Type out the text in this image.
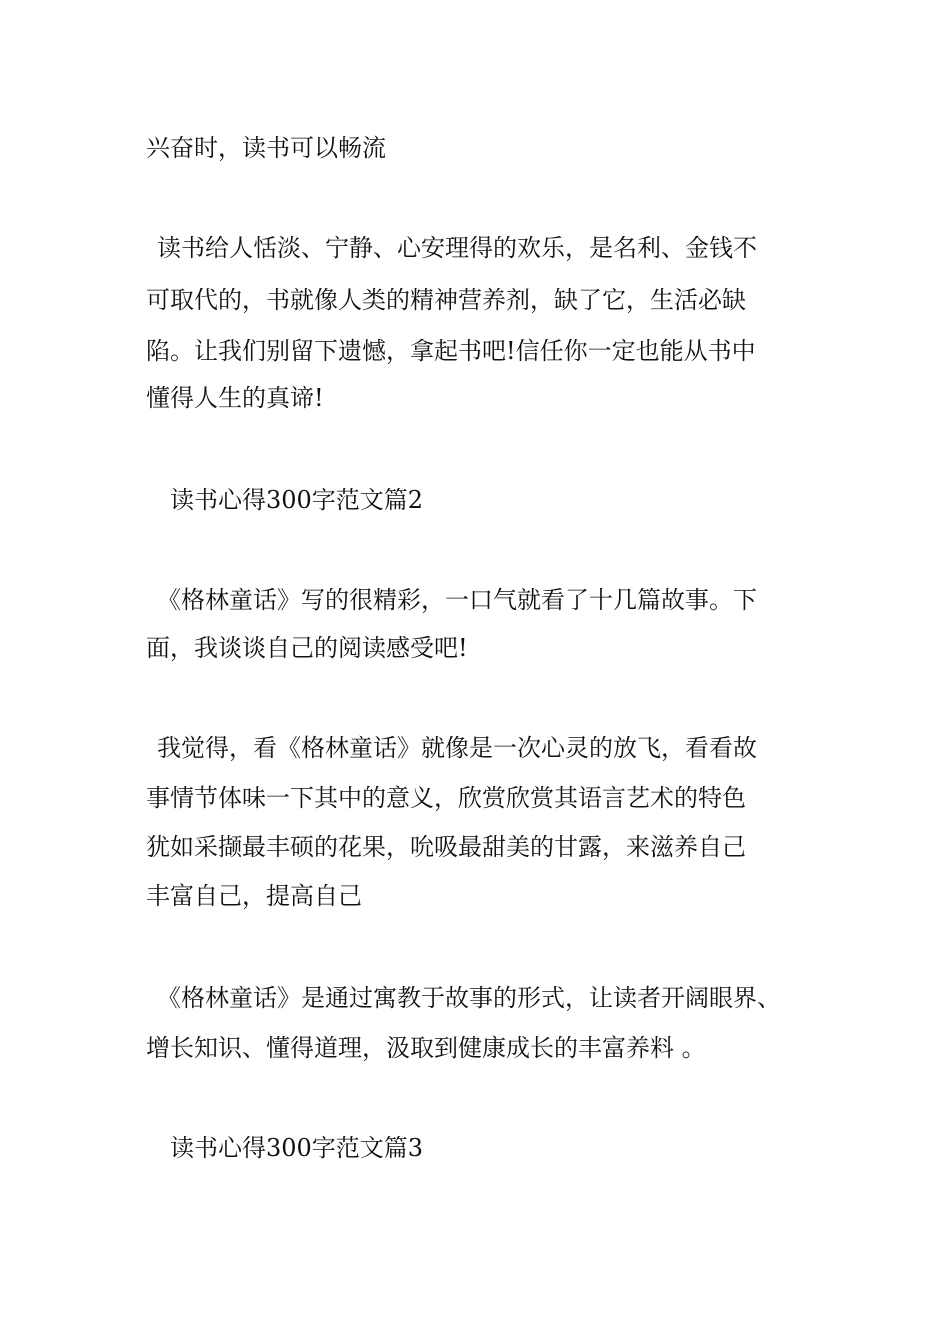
兴奋时，读书可以畅流

读书给人恬淡、宁静、心安理得的欢乐，是名利、金钱不

可取代的，书就像人类的精神营养剂，缺了它，生活必缺

陷。让我们别留下遗憾，拿起书吧!信任你一定也能从书中

懂得人生的真谛!

读书心得300字范文篇2

《格林童话》写的很精彩，一口气就看了十几篇故事。下

面，我谈谈自己的阅读感受吧!

我觉得，看《格林童话》就像是一次心灵的放飞，看看故

事情节体味一下其中的意义，欣赏欣赏其语言艺术的特色

犹如采撷最丰硕的花果，吮吸最甜美的甘露，来滋养自己

丰富自己，提高自己

《格林童话》是通过寓教于故事的形式，让读者开阔眼界、

增长知识、懂得道理，汲取到健康成长的丰富养料 。

读书心得300字范文篇3
